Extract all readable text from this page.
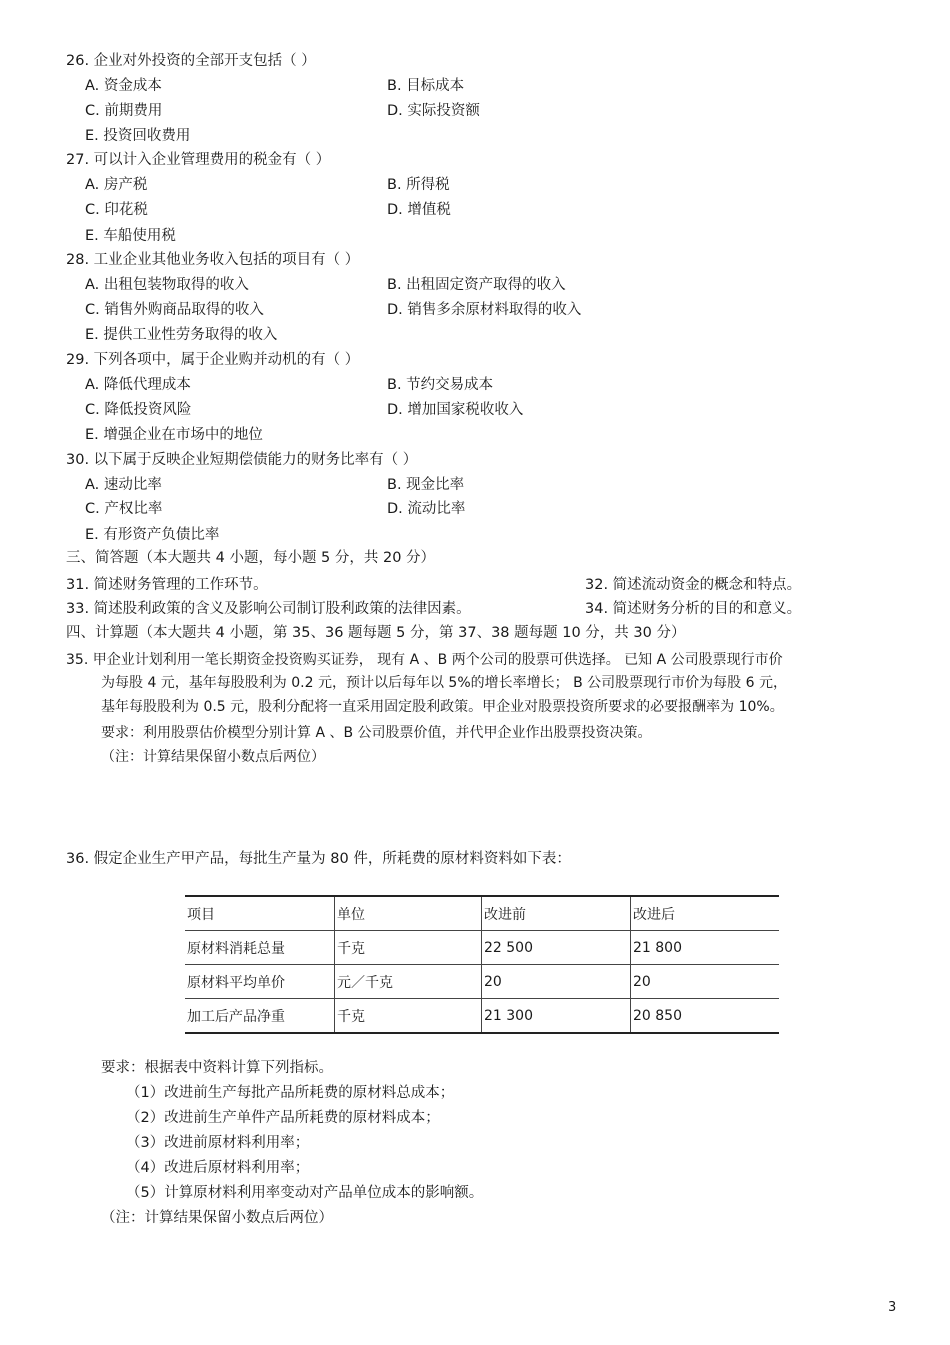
26. 企业对外投资的全部开支包括（ ）
A. 资金成本	B. 目标成本
C. 前期费用	D. 实际投资额
E. 投资回收费用
27. 可以计入企业管理费用的税金有（ ）
A. 房产税	B. 所得税
C. 印花税	D. 增值税
E. 车船使用税
28. 工业企业其他业务收入包括的项目有（ ）
A. 出租包装物取得的收入	B. 出租固定资产取得的收入
C. 销售外购商品取得的收入	D. 销售多余原材料取得的收入
E. 提供工业性劳务取得的收入
29. 下列各项中，属于企业购并动机的有（ ）
A. 降低代理成本	B. 节约交易成本
C. 降低投资风险	D. 增加国家税收收入
E. 增强企业在市场中的地位
30. 以下属于反映企业短期偿债能力的财务比率有（ ）
A. 速动比率	B. 现金比率
C. 产权比率	D. 流动比率
E. 有形资产负债比率
三、简答题（本大题共 4 小题，每小题 5 分，共 20 分）
31. 简述财务管理的工作环节。	32. 简述流动资金的概念和特点。
33. 简述股利政策的含义及影响公司制订股利政策的法律因素。	34. 简述财务分析的目的和意义。
四、计算题（本大题共 4 小题，第 35、36 题每题 5 分，第 37、38 题每题 10 分，共 30 分）
35. 甲企业计划利用一笔长期资金投资购买证券， 现有 A 、B 两个公司的股票可供选择。 已知 A 公司股票现行市价
为每股 4 元，基年每股股利为 0.2 元，预计以后每年以 5%的增长率增长； B 公司股票现行市价为每股 6 元，
基年每股股利为 0.5 元，股利分配将一直采用固定股利政策。甲企业对股票投资所要求的必要报酬率为 10%。
要求：利用股票估价模型分别计算 A 、B 公司股票价值，并代甲企业作出股票投资决策。
（注：计算结果保留小数点后两位）
36. 假定企业生产甲产品，每批生产量为 80 件，所耗费的原材料资料如下表：
项目	单位	改进前	改进后
原材料消耗总量	千克	22 500	21 800
原材料平均单价	元／千克	20	20
加工后产品净重	千克	21 300	20 850
要求：根据表中资料计算下列指标。
（1）改进前生产每批产品所耗费的原材料总成本；
（2）改进前生产单件产品所耗费的原材料成本；
（3）改进前原材料利用率；
（4）改进后原材料利用率；
（5）计算原材料利用率变动对产品单位成本的影响额。
（注：计算结果保留小数点后两位）
3
